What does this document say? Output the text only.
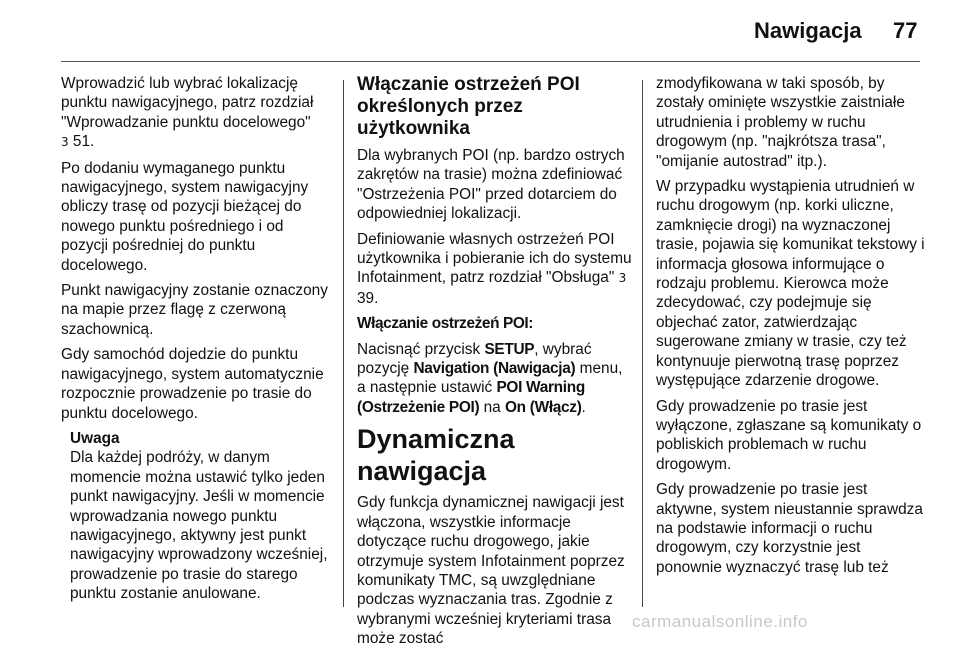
Nawigacja 77

Wprowadzić lub wybrać lokalizację punktu nawigacyjnego, patrz rozdział "Wprowadzanie punktu docelowego"
3 51.

Po dodaniu wymaganego punktu nawigacyjnego, system nawigacyjny obliczy trasę od pozycji bieżącej do nowego punktu pośredniego i od pozycji pośredniej do punktu docelowego.

Punkt nawigacyjny zostanie oznaczony na mapie przez flagę z czerwoną szachownicą.

Gdy samochód dojedzie do punktu nawigacyjnego, system automatycznie rozpocznie prowadzenie po trasie do punktu docelowego.

Uwaga
Dla każdej podróży, w danym momencie można ustawić tylko jeden punkt nawigacyjny. Jeśli w momencie wprowadzania nowego punktu nawigacyjnego, aktywny jest punkt nawigacyjny wprowadzony wcześniej, prowadzenie po trasie do starego punktu zostanie anulowane.

Włączanie ostrzeżeń POI określonych przez użytkownika

Dla wybranych POI (np. bardzo ostrych zakrętów na trasie) można zdefiniować "Ostrzeżenia POI" przed dotarciem do odpowiedniej lokalizacji.

Definiowanie własnych ostrzeżeń POI użytkownika i pobieranie ich do systemu Infotainment, patrz rozdział "Obsługa" 3 39.

Włączanie ostrzeżeń POI:

Nacisnąć przycisk SETUP, wybrać pozycję Navigation (Nawigacja) menu, a następnie ustawić POI Warning (Ostrzeżenie POI) na On (Włącz).

Dynamiczna nawigacja

Gdy funkcja dynamicznej nawigacji jest włączona, wszystkie informacje dotyczące ruchu drogowego, jakie otrzymuje system Infotainment poprzez komunikaty TMC, są uwzględniane podczas wyznaczania tras. Zgodnie z wybranymi wcześniej kryteriami trasa może zostać

zmodyfikowana w taki sposób, by zostały ominięte wszystkie zaistniałe utrudnienia i problemy w ruchu drogowym (np. "najkrótsza trasa", "omijanie autostrad" itp.).

W przypadku wystąpienia utrudnień w ruchu drogowym (np. korki uliczne, zamknięcie drogi) na wyznaczonej trasie, pojawia się komunikat tekstowy i informacja głosowa informujące o rodzaju problemu. Kierowca może zdecydować, czy podejmuje się objechać zator, zatwierdzając sugerowane zmiany w trasie, czy też kontynuuje pierwotną trasę poprzez występujące zdarzenie drogowe.

Gdy prowadzenie po trasie jest wyłączone, zgłaszane są komunikaty o pobliskich problemach w ruchu drogowym.

Gdy prowadzenie po trasie jest aktywne, system nieustannie sprawdza na podstawie informacji o ruchu drogowym, czy korzystnie jest ponownie wyznaczyć trasę lub też

carmanualsonline.info
